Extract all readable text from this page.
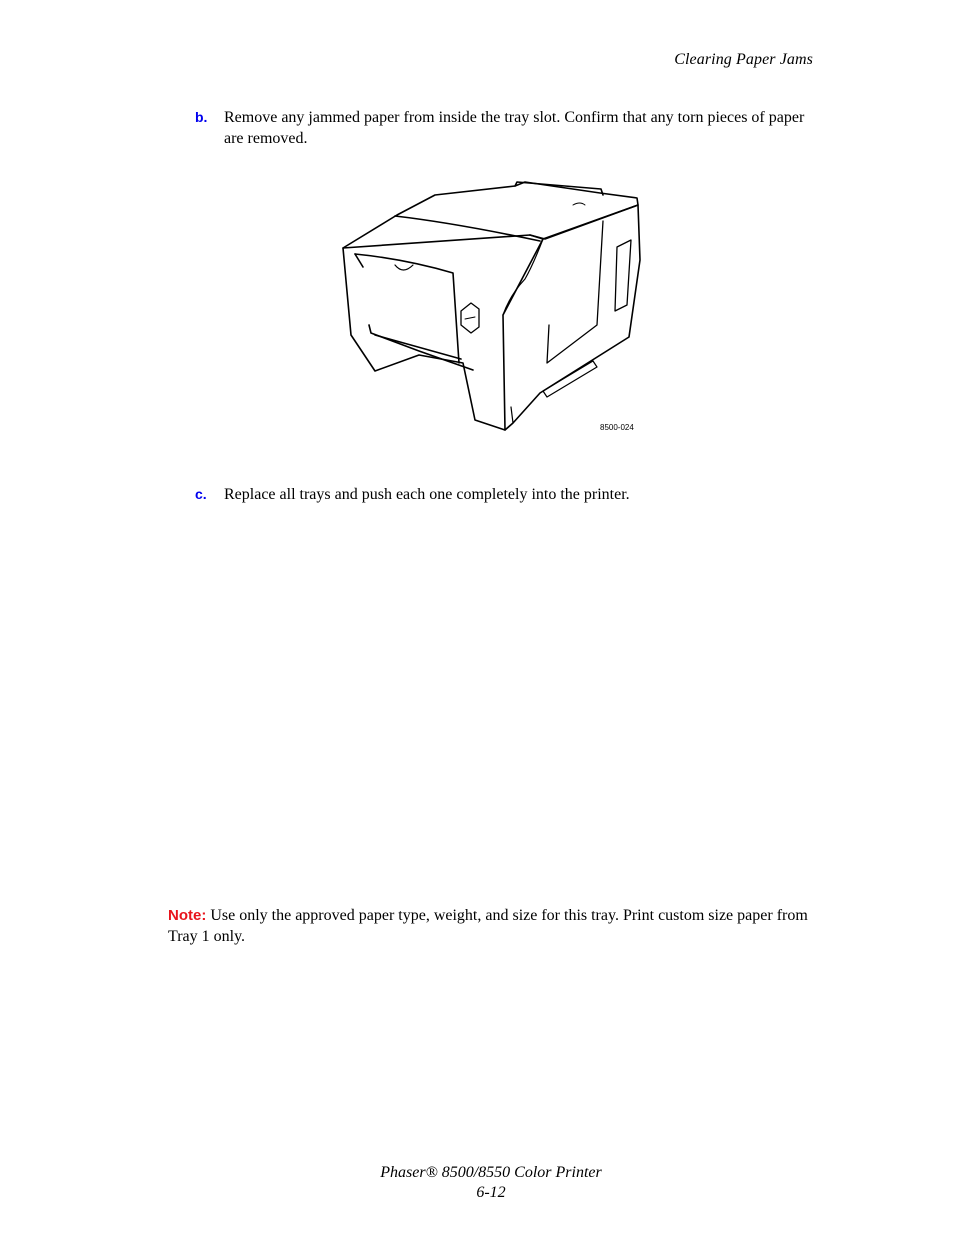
Clearing Paper Jams
b. Remove any jammed paper from inside the tray slot. Confirm that any torn pieces of paper are removed.
8500-024
c. Replace all trays and push each one completely into the printer.
Note: Use only the approved paper type, weight, and size for this tray. Print custom size paper from Tray 1 only.
Phaser® 8500/8550 Color Printer
6-12
